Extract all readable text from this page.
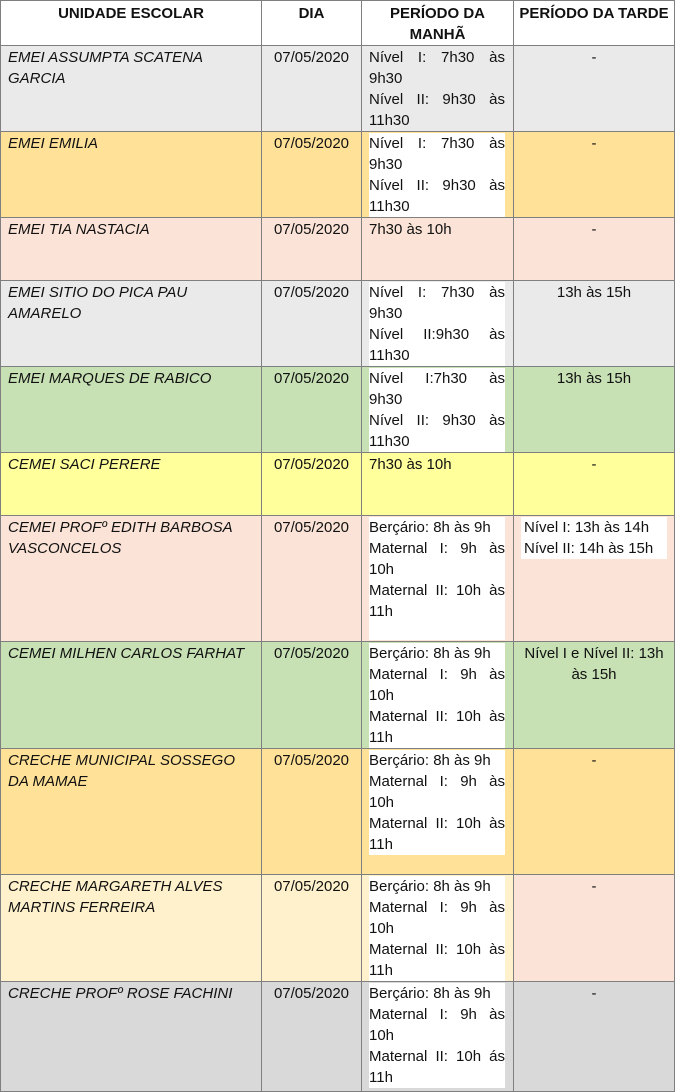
UNIDADE ESCOLAR	DIA	PERÍODO DA MANHÃ	PERÍODO DA TARDE
EMEI ASSUMPTA SCATENA GARCIA	07/05/2020	Nível I: 7h30 às 9h30
Nível II: 9h30 às 11h30	-

EMEI EMILIA	07/05/2020	Nível I: 7h30 às 9h30
Nível II: 9h30 às 11h30	-

EMEI TIA NASTACIA	07/05/2020	7h30 às 10h	-

EMEI SITIO DO PICA PAU AMARELO	07/05/2020	Nível I: 7h30 às 9h30
Nível II:9h30 às 11h30	13h às 15h

EMEI MARQUES DE RABICO	07/05/2020	Nível I:7h30 às 9h30
Nível II: 9h30 às 11h30	13h às 15h

CEMEI SACI PERERE	07/05/2020	7h30 às 10h	-

CEMEI PROFº EDITH BARBOSA VASCONCELOS	07/05/2020	Berçário: 8h às 9h
Maternal I: 9h às 10h
Maternal II: 10h às 11h	Nível I: 13h às 14h
Nível II: 14h às 15h
CEMEI MILHEN CARLOS FARHAT	07/05/2020	Berçário: 8h às 9h
Maternal I: 9h às 10h
Maternal II: 10h às 11h	Nível I e Nível II: 13h às 15h

CRECHE MUNICIPAL SOSSEGO DA MAMAE	07/05/2020	Berçário: 8h às 9h
Maternal I: 9h às 10h
Maternal II: 10h às 11h	-

CRECHE MARGARETH ALVES MARTINS FERREIRA	07/05/2020	Berçário: 8h às 9h
Maternal I: 9h às 10h
Maternal II: 10h às 11h	-

CRECHE PROFº ROSE FACHINI	07/05/2020	Berçário: 8h às 9h
Maternal I: 9h às 10h
Maternal II: 10h ás 11h	-
